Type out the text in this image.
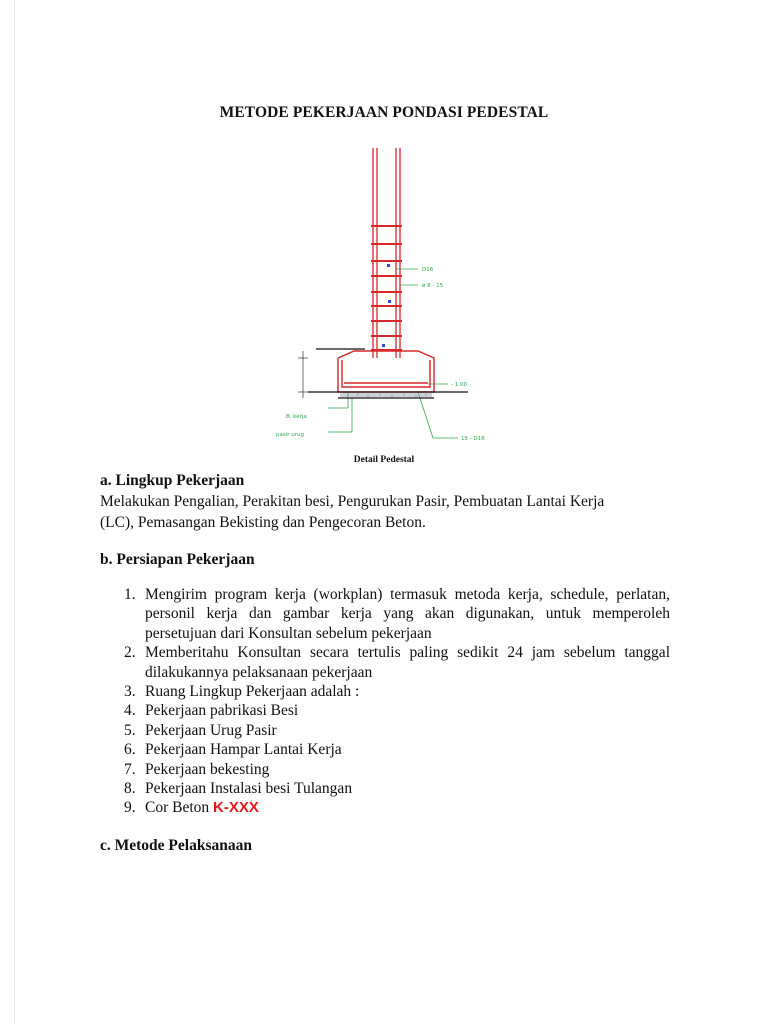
METODE PEKERJAAN PONDASI PEDESTAL
D16
ø 8 - 15
- 1.00
B. kerja
pasir urug
15 - D16
Detail Pedestal
a. Lingkup Pekerjaan

Melakukan Pengalian, Perakitan besi, Pengurukan Pasir, Pembuatan Lantai Kerja

(LC), Pemasangan Bekisting dan Pengecoran Beton.

b. Persiapan Pekerjaan
1. Mengirim program kerja (workplan) termasuk metoda kerja, schedule, perlatan, personil kerja dan gambar kerja yang akan digunakan, untuk memperoleh persetujuan dari Konsultan sebelum pekerjaan
2. Memberitahu Konsultan secara tertulis paling sedikit 24 jam sebelum tanggal dilakukannya pelaksanaan pekerjaan
3. Ruang Lingkup Pekerjaan adalah :
4. Pekerjaan pabrikasi Besi
5. Pekerjaan Urug Pasir
6. Pekerjaan Hampar Lantai Kerja
7. Pekerjaan bekesting
8. Pekerjaan Instalasi besi Tulangan
9. Cor Beton K-XXX
c. Metode Pelaksanaan
